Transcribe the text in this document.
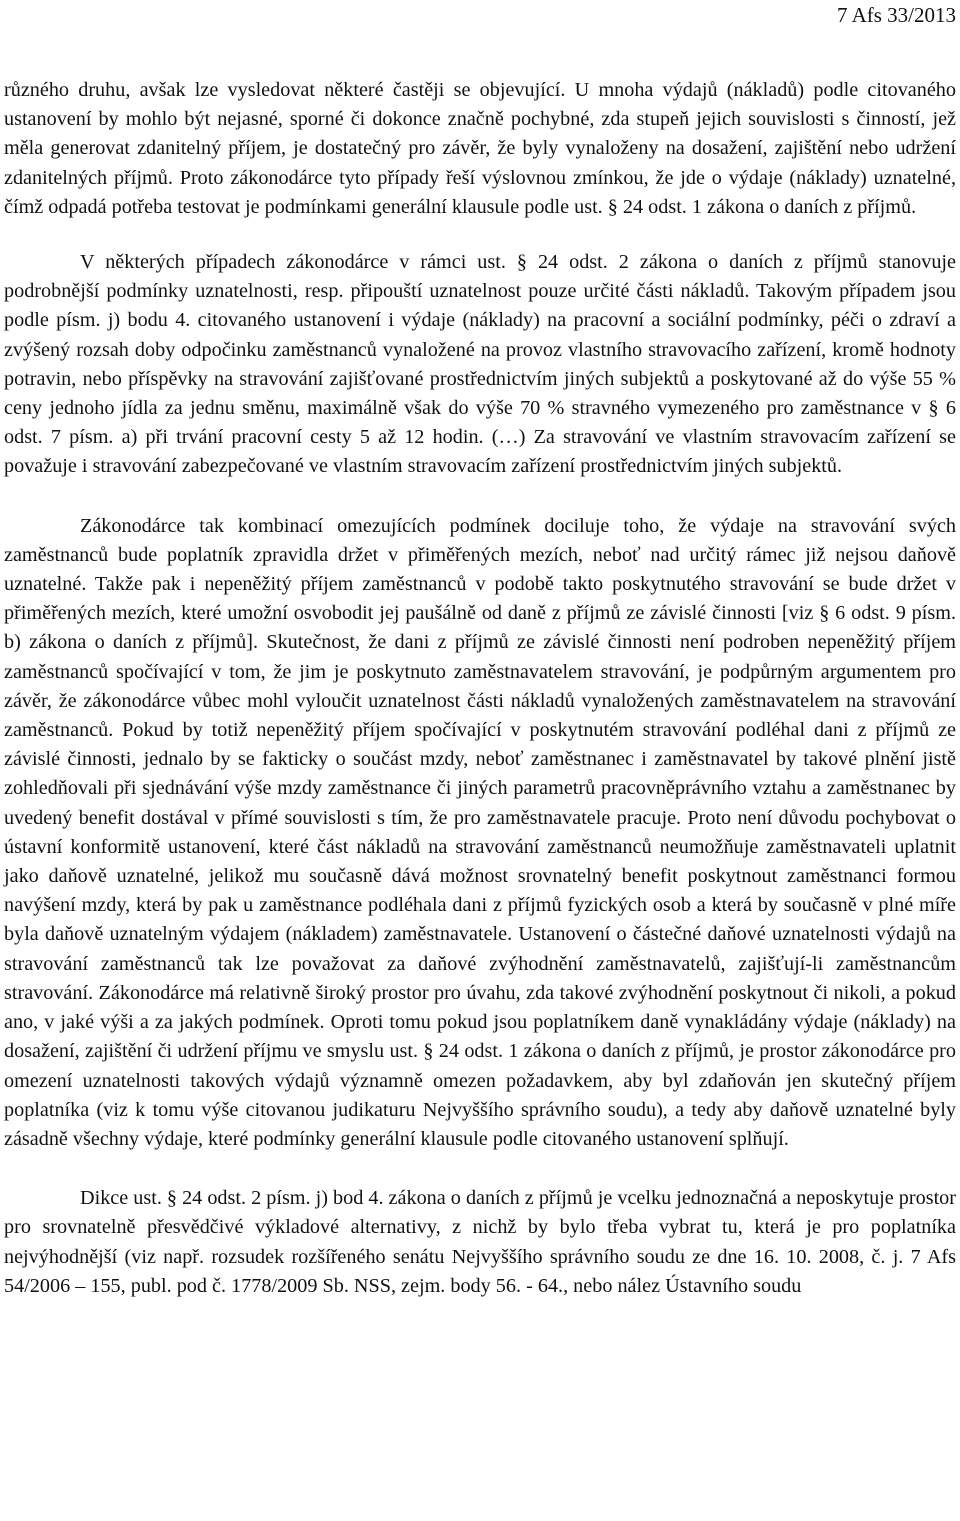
7 Afs 33/2013

různého druhu, avšak lze vysledovat některé častěji se objevující. U mnoha výdajů (nákladů) podle citovaného ustanovení by mohlo být nejasné, sporné či dokonce značně pochybné, zda stupeň jejich souvislosti s činností, jež měla generovat zdanitelný příjem, je dostatečný pro závěr, že byly vynaloženy na dosažení, zajištění nebo udržení zdanitelných příjmů. Proto zákonodárce tyto případy řeší výslovnou zmínkou, že jde o výdaje (náklady) uznatelné, čímž odpadá potřeba testovat je podmínkami generální klausule podle ust. § 24 odst. 1 zákona o daních z příjmů.

V některých případech zákonodárce v rámci ust. § 24 odst. 2 zákona o daních z příjmů stanovuje podrobnější podmínky uznatelnosti, resp. připouští uznatelnost pouze určité části nákladů. Takovým případem jsou podle písm. j) bodu 4. citovaného ustanovení i výdaje (náklady) na pracovní a sociální podmínky, péči o zdraví a zvýšený rozsah doby odpočinku zaměstnanců vynaložené na provoz vlastního stravovacího zařízení, kromě hodnoty potravin, nebo příspěvky na stravování zajišťované prostřednictvím jiných subjektů a poskytované až do výše 55 % ceny jednoho jídla za jednu směnu, maximálně však do výše 70 % stravného vymezeného pro zaměstnance v § 6 odst. 7 písm. a) při trvání pracovní cesty 5 až 12 hodin. (…) Za stravování ve vlastním stravovacím zařízení se považuje i stravování zabezpečované ve vlastním stravovacím zařízení prostřednictvím jiných subjektů.

Zákonodárce tak kombinací omezujících podmínek dociluje toho, že výdaje na stravování svých zaměstnanců bude poplatník zpravidla držet v přiměřených mezích, neboť nad určitý rámec již nejsou daňově uznatelné. Takže pak i nepeněžitý příjem zaměstnanců v podobě takto poskytnutého stravování se bude držet v přiměřených mezích, které umožní osvobodit jej paušálně od daně z příjmů ze závislé činnosti [viz § 6 odst. 9 písm. b) zákona o daních z příjmů]. Skutečnost, že dani z příjmů ze závislé činnosti není podroben nepeněžitý příjem zaměstnanců spočívající v tom, že jim je poskytnuto zaměstnavatelem stravování, je podpůrným argumentem pro závěr, že zákonodárce vůbec mohl vyloučit uznatelnost části nákladů vynaložených zaměstnavatelem na stravování zaměstnanců. Pokud by totiž nepeněžitý příjem spočívající v poskytnutém stravování podléhal dani z příjmů ze závislé činnosti, jednalo by se fakticky o součást mzdy, neboť zaměstnanec i zaměstnavatel by takové plnění jistě zohledňovali při sjednávání výše mzdy zaměstnance či jiných parametrů pracovněprávního vztahu a zaměstnanec by uvedený benefit dostával v přímé souvislosti s tím, že pro zaměstnavatele pracuje. Proto není důvodu pochybovat o ústavní konformitě ustanovení, které část nákladů na stravování zaměstnanců neumožňuje zaměstnavateli uplatnit jako daňově uznatelné, jelikož mu současně dává možnost srovnatelný benefit poskytnout zaměstnanci formou navýšení mzdy, která by pak u zaměstnance podléhala dani z příjmů fyzických osob a která by současně v plné míře byla daňově uznatelným výdajem (nákladem) zaměstnavatele. Ustanovení o částečné daňové uznatelnosti výdajů na stravování zaměstnanců tak lze považovat za daňové zvýhodnění zaměstnavatelů, zajišťují-li zaměstnancům stravování. Zákonodárce má relativně široký prostor pro úvahu, zda takové zvýhodnění poskytnout či nikoli, a pokud ano, v jaké výši a za jakých podmínek. Oproti tomu pokud jsou poplatníkem daně vynakládány výdaje (náklady) na dosažení, zajištění či udržení příjmu ve smyslu ust. § 24 odst. 1 zákona o daních z příjmů, je prostor zákonodárce pro omezení uznatelnosti takových výdajů významně omezen požadavkem, aby byl zdaňován jen skutečný příjem poplatníka (viz k tomu výše citovanou judikaturu Nejvyššího správního soudu), a tedy aby daňově uznatelné byly zásadně všechny výdaje, které podmínky generální klausule podle citovaného ustanovení splňují.

Dikce ust. § 24 odst. 2 písm. j) bod 4. zákona o daních z příjmů je vcelku jednoznačná a neposkytuje prostor pro srovnatelně přesvědčivé výkladové alternativy, z nichž by bylo třeba vybrat tu, která je pro poplatníka nejvýhodnější (viz např. rozsudek rozšířeného senátu Nejvyššího správního soudu ze dne 16. 10. 2008, č. j. 7 Afs 54/2006 – 155, publ. pod č. 1778/2009 Sb. NSS, zejm. body 56. - 64., nebo nález Ústavního soudu
